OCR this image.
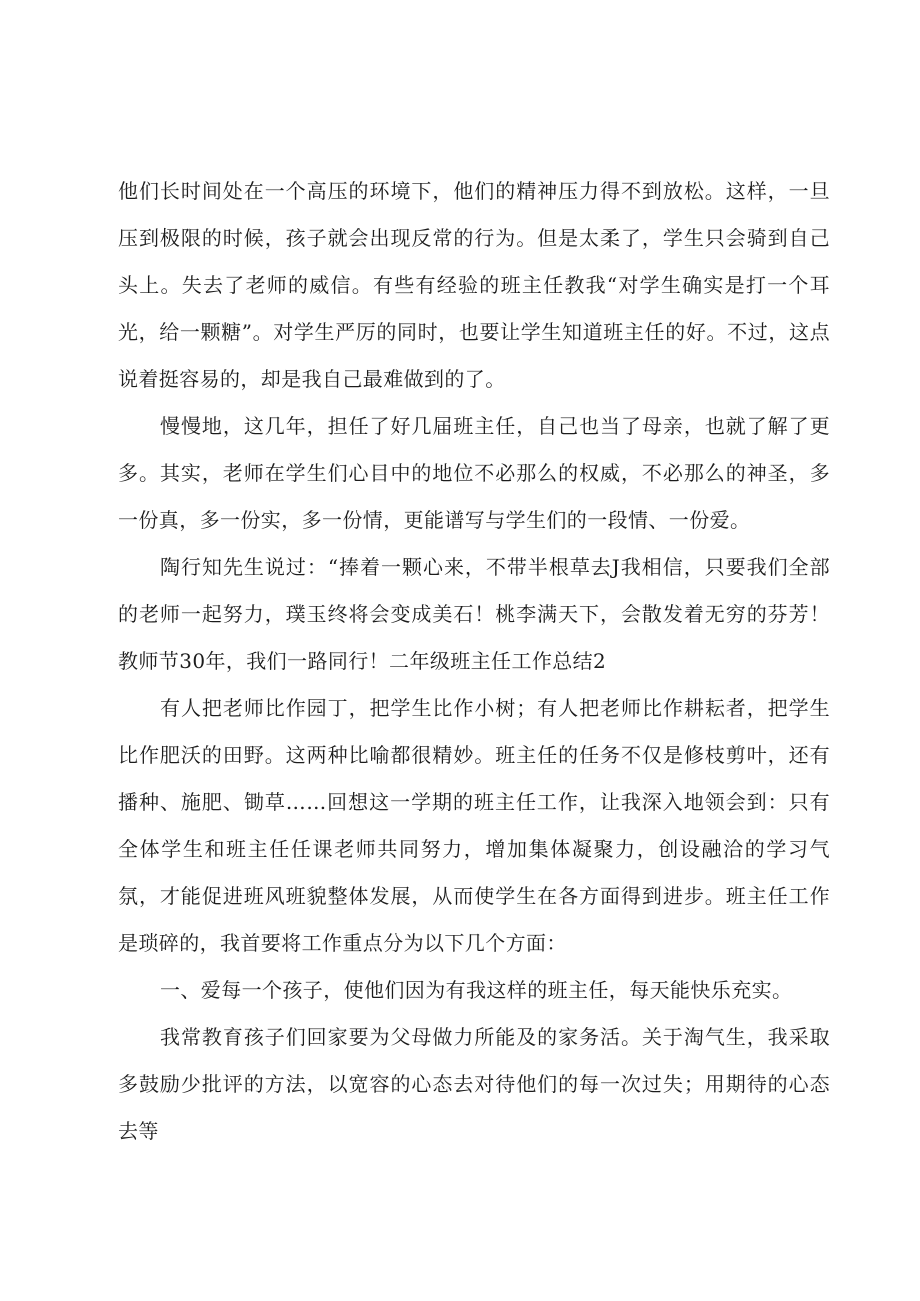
他们长时间处在一个高压的环境下，他们的精神压力得不到放松。这样，一旦压到极限的时候，孩子就会出现反常的行为。但是太柔了，学生只会骑到自己头上。失去了老师的威信。有些有经验的班主任教我“对学生确实是打一个耳光，给一颗糖”。对学生严厉的同时，也要让学生知道班主任的好。不过，这点说着挺容易的，却是我自己最难做到的了。

慢慢地，这几年，担任了好几届班主任，自己也当了母亲，也就了解了更多。其实，老师在学生们心目中的地位不必那么的权威，不必那么的神圣，多一份真，多一份实，多一份情，更能谱写与学生们的一段情、一份爱。

陶行知先生说过：“捧着一颗心来，不带半根草去J我相信，只要我们全部的老师一起努力，璞玉终将会变成美石！桃李满天下，会散发着无穷的芬芳！教师节30年，我们一路同行！二年级班主任工作总结2

有人把老师比作园丁，把学生比作小树；有人把老师比作耕耘者，把学生比作肥沃的田野。这两种比喻都很精妙。班主任的任务不仅是修枝剪叶，还有播种、施肥、锄草……回想这一学期的班主任工作，让我深入地领会到：只有全体学生和班主任任课老师共同努力，增加集体凝聚力，创设融洽的学习气氛，才能促进班风班貌整体发展，从而使学生在各方面得到进步。班主任工作是琐碎的，我首要将工作重点分为以下几个方面：

一、爱每一个孩子，使他们因为有我这样的班主任，每天能快乐充实。

我常教育孩子们回家要为父母做力所能及的家务活。关于淘气生，我采取多鼓励少批评的方法，以宽容的心态去对待他们的每一次过失；用期待的心态去等
